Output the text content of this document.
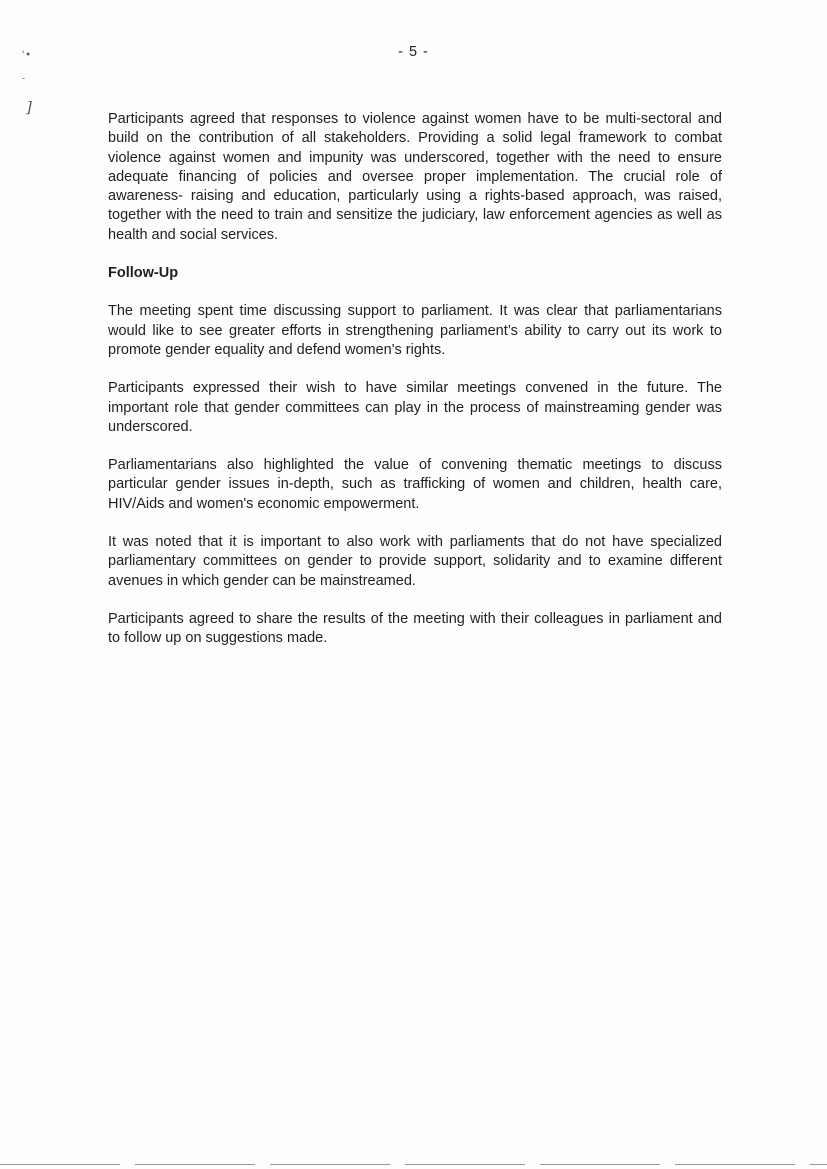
ʿ•
-
]
- 5 -

Participants agreed that responses to violence against women have to be multi-sectoral and build on the contribution of all stakeholders. Providing a solid legal framework to combat violence against women and impunity was underscored, together with the need to ensure adequate financing of policies and oversee proper implementation. The crucial role of awareness- raising and education, particularly using a rights-based approach, was raised, together with the need to train and sensitize the judiciary, law enforcement agencies as well as health and social services.

Follow-Up

The meeting spent time discussing support to parliament. It was clear that parliamentarians would like to see greater efforts in strengthening parliament’s ability to carry out its work to promote gender equality and defend women's rights.

Participants expressed their wish to have similar meetings convened in the future. The important role that gender committees can play in the process of mainstreaming gender was underscored.

Parliamentarians also highlighted the value of convening thematic meetings to discuss particular gender issues in-depth, such as trafficking of women and children, health care, HIV/Aids and women's economic empowerment.

It was noted that it is important to also work with parliaments that do not have specialized parliamentary committees on gender to provide support, solidarity and to examine different avenues in which gender can be mainstreamed.

Participants agreed to share the results of the meeting with their colleagues in parliament and to follow up on suggestions made.
